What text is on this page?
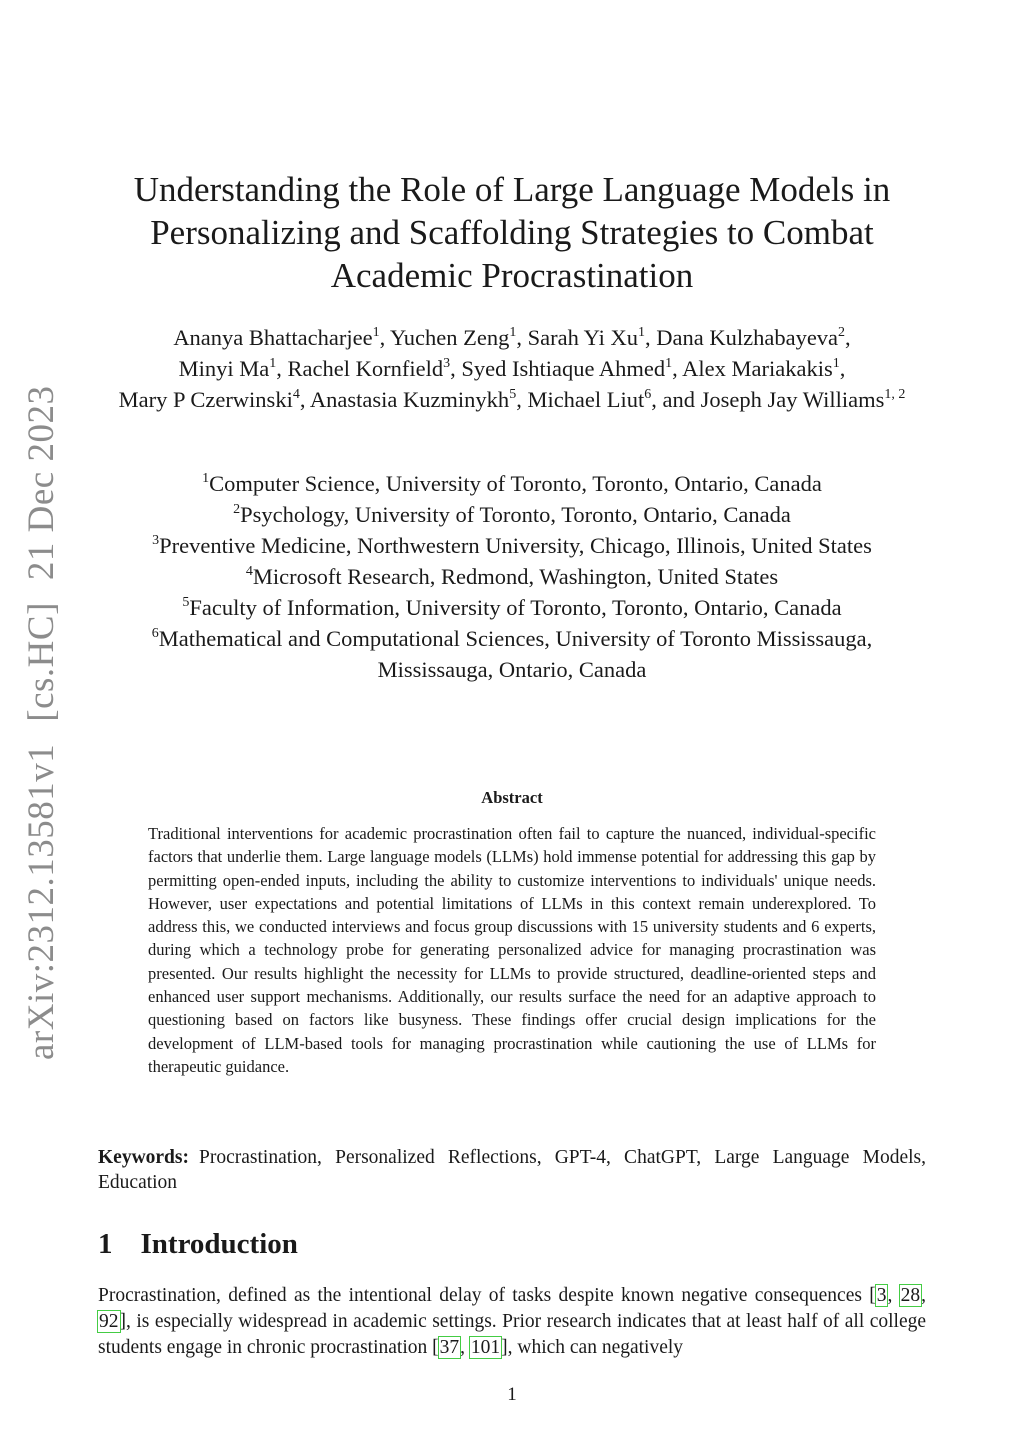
arXiv:2312.13581v1[cs.HC]21 Dec 2023
Understanding the Role of Large Language Models in
Personalizing and Scaffolding Strategies to Combat
Academic Procrastination
Ananya Bhattacharjee$^1$, Yuchen Zeng$^1$, Sarah Yi Xu$^1$, Dana Kulzhabayeva$^2$,
Minyi Ma$^1$, Rachel Kornfield$^3$, Syed Ishtiaque Ahmed$^1$, Alex Mariakakis$^1$,
Mary P Czerwinski$^4$, Anastasia Kuzminykh$^5$, Michael Liut$^6$, and Joseph Jay Williams$^{1, 2}$
$^1$Computer Science, University of Toronto, Toronto, Ontario, Canada
$^2$Psychology, University of Toronto, Toronto, Ontario, Canada
$^3$Preventive Medicine, Northwestern University, Chicago, Illinois, United States
$^4$Microsoft Research, Redmond, Washington, United States
$^5$Faculty of Information, University of Toronto, Toronto, Ontario, Canada
$^6$Mathematical and Computational Sciences, University of Toronto Mississauga, Mississauga, Ontario, Canada
Abstract
Traditional interventions for academic procrastination often fail to capture the nuanced, individual-specific factors that underlie them. Large language models (LLMs) hold immense potential for addressing this gap by permitting open-ended inputs, including the ability to customize interventions to individuals' unique needs. However, user expectations and potential limitations of LLMs in this context remain underexplored. To address this, we conducted interviews and focus group discussions with 15 university students and 6 experts, during which a technology probe for generating personalized advice for managing procrastination was presented. Our results highlight the necessity for LLMs to provide structured, deadline-oriented steps and enhanced user support mechanisms. Additionally, our results surface the need for an adaptive approach to questioning based on factors like busyness. These findings offer crucial design implications for the development of LLM-based tools for managing procrastination while cautioning the use of LLMs for therapeutic guidance.
Keywords: Procrastination, Personalized Reflections, GPT-4, ChatGPT, Large Language Models, Education
1 Introduction
Procrastination, defined as the intentional delay of tasks despite known negative consequences [3, 28, 92], is especially widespread in academic settings. Prior research indicates that at least half of all college students engage in chronic procrastination [37, 101], which can negatively
1
